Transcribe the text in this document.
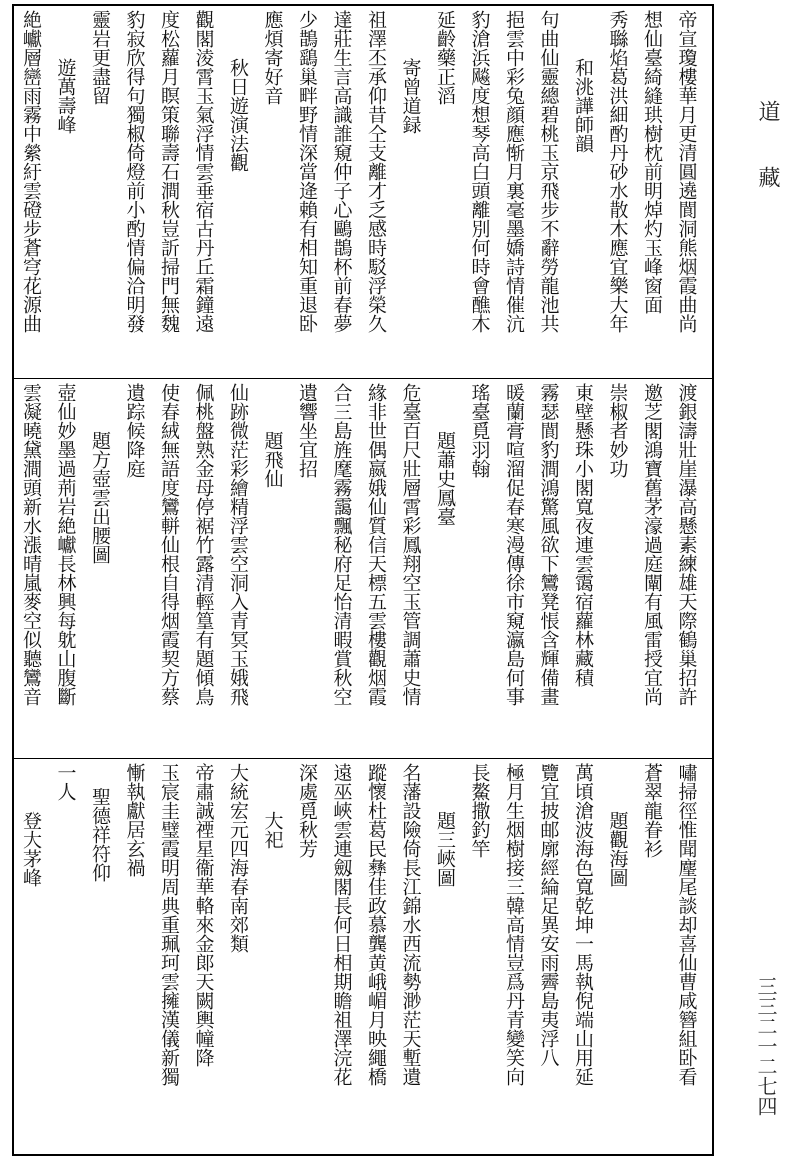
帝宣瓊樓華月更清圓遶閬洞熊烟霞曲尚
想仙臺綺縫珙樹枕前明焯灼玉峰窗面
秀䏈焰葛洪細酌丹砂水散木應宜樂大年
和洮譁師韻
句曲仙靈總碧桃玉京飛步不辭勞龍池共
挹雲中彩兔顔應惭月裏毫墨嬌詩情催沆
豹滄浜飚度想琴高白頭離別何時會醮木
延齡藥正滔
寄曾道録
祖澤丕承仰昔仝支離才乏感時駁浮榮久
達莊生言高識誰窺仲子心鷗鵲杯前春夢
少鵲鷂巢畔野情深當逄賴有相知重退卧
應煩寄好音
秋日遊演法觀
觀閣淩霄玉氣浮情雲垂宿古丹丘霜鐘遠
度松蘿月瞑策聯壽石澗秋豈訢掃門無魏
豹寂欣得句獨椒倚燈前小酌情偏洽明發
靈岩更盡留
遊萬壽峰
絶巘層巒雨霧中縈紆雲磴步蒼穹花源曲
渡銀濤壯崖瀑高懸素練雄天際鶴巢招許
邀芝閣鴻寶舊茅濠過庭闡有風雷授宜尚
崇椒者妙功
東壁懸珠小閣寬夜連雲霭宿蘿林藏積
霧瑟閬豹澗鴻驚風欲下鸞凳悵含輝備畫
暖蘭膏喧溜促春寒漫傳徐市窺瀛島何事
瑤臺覓羽翰
題蕭史鳳臺
危臺百尺壯層霄彩鳳翔空玉管調蕭史情
緣非世偶嬴娥仙質信天標五雲樓觀烟霞
合三島旌麾霧靄飄秘府足怡清暇賞秋空
遺響坐宜招
題飛仙
仙跡微茫彩繪精浮雲空洞入青冥玉娥飛
佩桃盤熟金母停裾竹露清輕篁有題傾鳥
使春絨無語度鸞軿仙根自得烟霞契方蔡
遺踪候降庭
題方壺雲出腰圖
壺仙妙墨過荊岩絶巘長林興每躭山腹斷
雲凝曉黛澗頭新水漲晴嵐麥空似聽鸞音
嘯掃徑惟聞麈尾談却喜仙曹咸簪組卧看
蒼翠龍眷衫
題觀海圖
萬頃滄波海色寬乾坤一馬執倪端山用延
覽宜披邮廓經綸足異安雨霽島夷浮八
極月生烟樹接三韓高情豈爲丹青變笑向
長鰲撒釣竿
題三峽圖
名藩設險倚長江錦水西流勢渺茫天塹遺
蹤懷杜葛民彝佳政慕龔黄峨嵋月映繩橋
遠巫峽雲連劔閣長何日相期瞻祖澤浣花
深處覓秋芳
大祀
大統宏元四海春南郊類
帝肅誠禋星衞華輅來金郞天闕輿幢降
玉宸圭璧霞明周典重珮珂雲擁漢儀新獨
慚執獻居玄禍
聖德祥符仰
一人
登大茅峰
道　　藏
三三二一二七四
